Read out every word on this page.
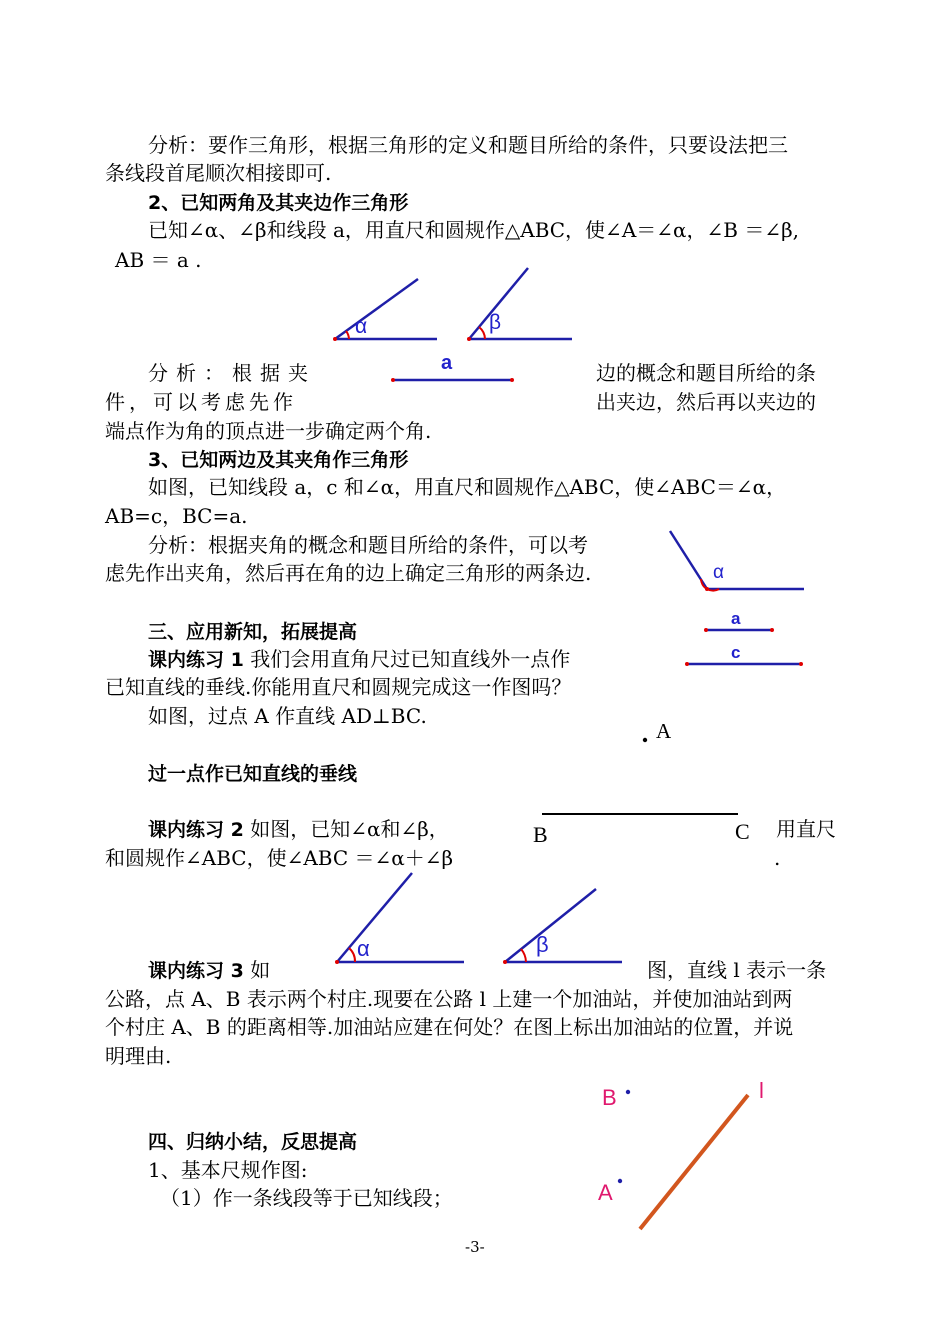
分析：要作三角形，根据三角形的定义和题目所给的条件，只要设法把三
条线段首尾顺次相接即可.
2、已知两角及其夹边作三角形
已知∠α、∠β和线段 a，用直尺和圆规作△ABC，使∠A＝∠α，∠B ＝∠β,
AB ＝ a .
α	β
a
分析：根据夹	边的概念和题目所给的条
件，可以考虑先作	出夹边，然后再以夹边的
端点作为角的顶点进一步确定两个角.
3、已知两边及其夹角作三角形
如图，已知线段 a，c 和∠α，用直尺和圆规作△ABC，使∠ABC＝∠α，
AB=c，BC=a.
分析：根据夹角的概念和题目所给的条件，可以考
虑先作出夹角，然后再在角的边上确定三角形的两条边.	α
a
c
三、应用新知，拓展提高
课内练习 1 我们会用直角尺过已知直线外一点作
已知直线的垂线.你能用直尺和圆规完成这一作图吗？
如图，过点 A 作直线 AD⊥BC.
A
过一点作已知直线的垂线
B	C
课内练习 2 如图，已知∠α和∠β，	用直尺
和圆规作∠ABC，使∠ABC ＝∠α＋∠β	.
α	β
课内练习 3 如	图，直线 l 表示一条
公路，点 A、B 表示两个村庄.现要在公路 l 上建一个加油站，并使加油站到两
个村庄 A、B 的距离相等.加油站应建在何处？在图上标出加油站的位置，并说
明理由.
B
A
l
四、归纳小结，反思提高
1、基本尺规作图:
（1）作一条线段等于已知线段；
-3-
